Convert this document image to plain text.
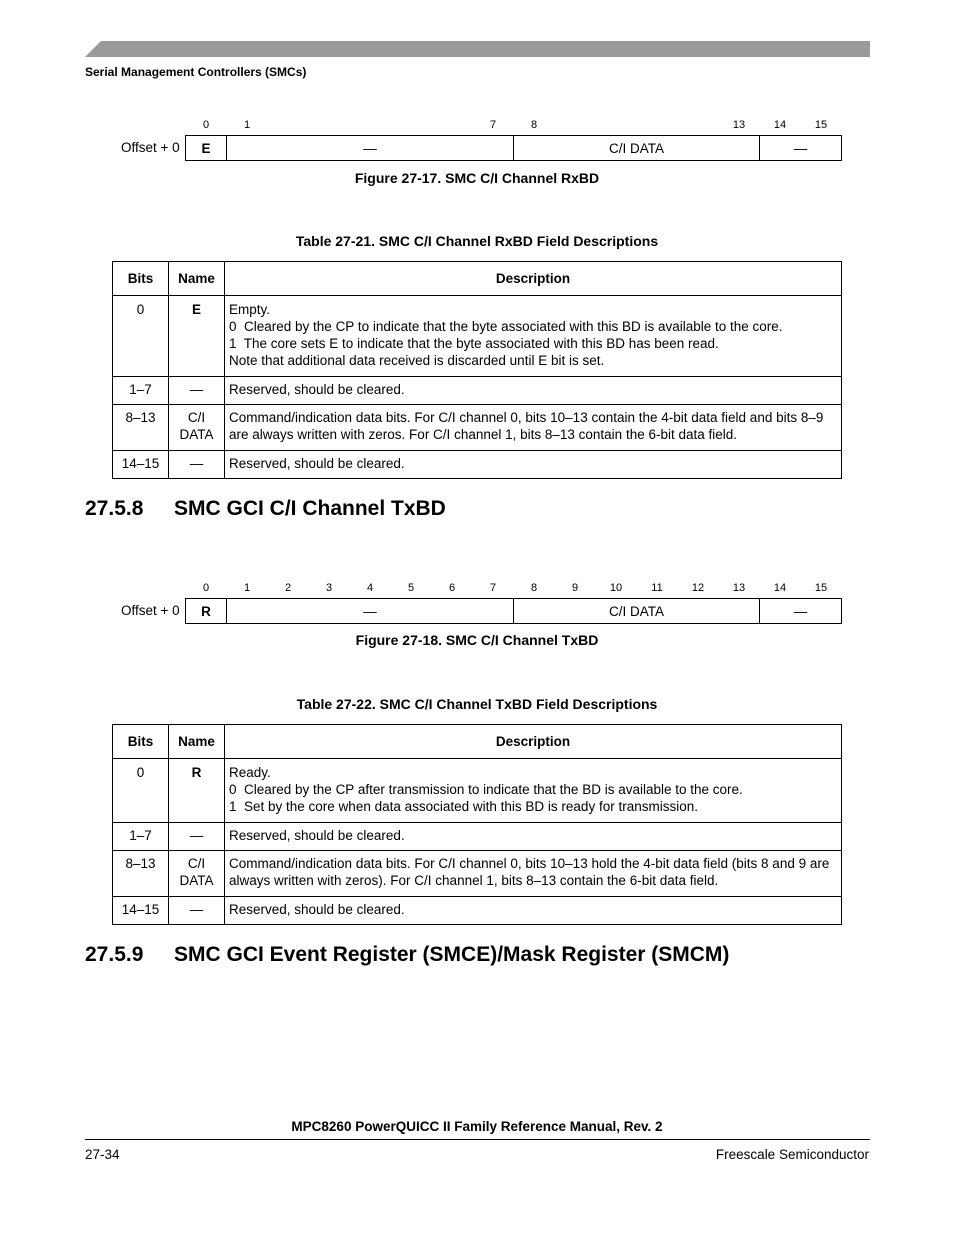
Serial Management Controllers (SMCs)
0	1	7	8	13	14	15
Offset + 0	E	—	C/I DATA	—
Figure 27-17. SMC C/I Channel RxBD
Table 27-21. SMC C/I Channel RxBD Field Descriptions
Bits	Name	Description
0	E	Empty.
0  Cleared by the CP to indicate that the byte associated with this BD is available to the core.
1  The core sets E to indicate that the byte associated with this BD has been read.
Note that additional data received is discarded until E bit is set.

1–7	—	Reserved, should be cleared.
8–13	C/I DATA	Command/indication data bits. For C/I channel 0, bits 10–13 contain the 4-bit data field and bits 8–9 are always written with zeros. For C/I channel 1, bits 8–13 contain the 6-bit data field.
14–15	—	Reserved, should be cleared.
27.5.8 SMC GCI C/I Channel TxBD
0	1	2	3	4	5	6	7	8	9	10	11	12	13	14	15
Offset + 0	R	—	C/I DATA	—
Figure 27-18. SMC C/I Channel TxBD
Table 27-22. SMC C/I Channel TxBD Field Descriptions
Bits	Name	Description
0	R	Ready.
0  Cleared by the CP after transmission to indicate that the BD is available to the core.
1  Set by the core when data associated with this BD is ready for transmission.

1–7	—	Reserved, should be cleared.
8–13	C/I DATA	Command/indication data bits. For C/I channel 0, bits 10–13 hold the 4-bit data field (bits 8 and 9 are always written with zeros). For C/I channel 1, bits 8–13 contain the 6-bit data field.
14–15	—	Reserved, should be cleared.
27.5.9 SMC GCI Event Register (SMCE)/Mask Register (SMCM)
MPC8260 PowerQUICC II Family Reference Manual, Rev. 2
27-34	Freescale Semiconductor
